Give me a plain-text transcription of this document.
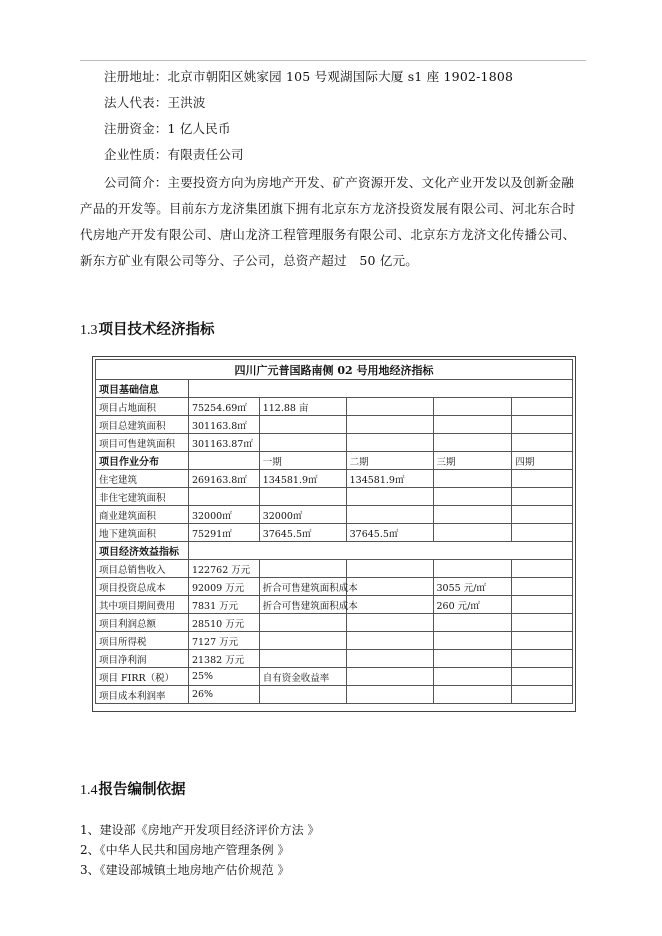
注册地址：北京市朝阳区姚家园 105 号观湖国际大厦 s1 座 1902-1808
法人代表：王洪波
注册资金：1 亿人民币
企业性质：有限责任公司
公司简介：主要投资方向为房地产开发、矿产资源开发、文化产业开发以及创新金融产品的开发等。目前东方龙济集团旗下拥有北京东方龙济投资发展有限公司、河北东合时代房地产开发有限公司、唐山龙济工程管理服务有限公司、北京东方龙济文化传播公司、新东方矿业有限公司等分、子公司，总资产超过　50 亿元。
1.3项目技术经济指标
四川广元普国路南侧 02 号用地经济指标					
项目基础信息					
项目占地面积	75254.69㎡	112.88 亩			
项目总建筑面积	301163.8㎡				
项目可售建筑面积	301163.87㎡				
项目作业分布		一期	二期	三期	四期
住宅建筑	269163.8㎡	134581.9㎡	134581.9㎡		
非住宅建筑面积					
商业建筑面积	32000㎡	32000㎡			
地下建筑面积	75291㎡	37645.5㎡	37645.5㎡		
项目经济效益指标					
项目总销售收入	122762 万元				
项目投资总成本	92009 万元	折合可售建筑面积成本		3055 元/㎡	
其中项目期间费用	7831 万元	折合可售建筑面积成本		260 元/㎡	
项目利润总额	28510 万元				
项目所得税	7127 万元				
项目净利润	21382 万元				
项目 FIRR（税）	25%	自有资金收益率			
项目成本利润率	26%				
1.4报告编制依据
1、建设部《房地产开发项目经济评价方法 》
2、《中华人民共和国房地产管理条例 》
3、《建设部城镇土地房地产估价规范 》
